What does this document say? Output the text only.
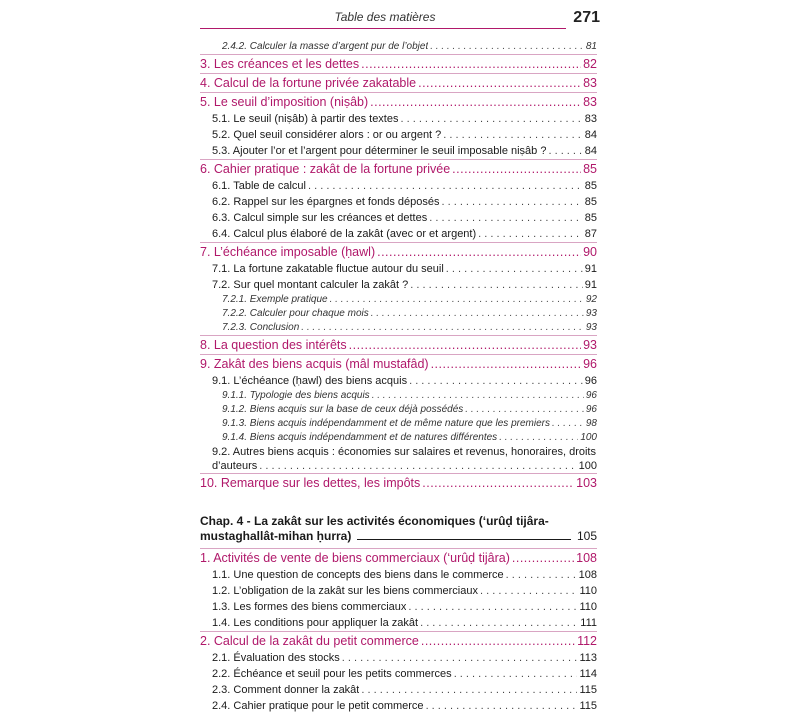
Table des matières	271
2.4.2. Calculer la masse d’argent pur de l’objet . . .	81
3. Les créances et les dettes .....	82
4. Calcul de la fortune privée zakatable .....	83
5. Le seuil d’imposition (niṣâb) .....	83
5.1. Le seuil (niṣâb) à partir des textes . . .	83
5.2. Quel seuil considérer alors : or ou argent ? . . .	84
5.3. Ajouter l’or et l’argent pour déterminer le seuil imposable niṣâb ? . . .	84
6. Cahier pratique : zakât de la fortune privée .....	85
6.1. Table de calcul . . .	85
6.2. Rappel sur les épargnes et fonds déposés . . .	85
6.3. Calcul simple sur les créances et dettes . . .	85
6.4. Calcul plus élaboré de la zakât (avec or et argent) . . .	87
7. L’échéance imposable (ḥawl) .....	90
7.1. La fortune zakatable fluctue autour du seuil . . .	91
7.2. Sur quel montant calculer la zakât ? . . .	91
7.2.1. Exemple pratique . . .	92
7.2.2. Calculer pour chaque mois . . .	93
7.2.3. Conclusion . . .	93
8. La question des intérêts .....	93
9. Zakât des biens acquis (mâl mustafâd) .....	96
9.1. L’échéance (ḥawl) des biens acquis . . .	96
9.1.1. Typologie des biens acquis . . .	96
9.1.2. Biens acquis sur la base de ceux déjà possédés . . .	96
9.1.3. Biens acquis indépendamment et de même nature que les premiers . . .	98
9.1.4. Biens acquis indépendamment et de natures différentes . . .	100
9.2. Autres biens acquis : économies sur salaires et revenus, honoraires, droits
d’auteurs . . .	100
10. Remarque sur les dettes, les impôts .....	103
Chap. 4 - La zakât sur les activités économiques (‘urûḍ tijâra-
mustaghallât-mihan ḥurra)	105
1. Activités de vente de biens commerciaux (‘urûḍ tijâra) .....	108
1.1. Une question de concepts des biens dans le commerce . . .	108
1.2. L’obligation de la zakât sur les biens commerciaux . . .	110
1.3. Les formes des biens commerciaux . . .	110
1.4. Les conditions pour appliquer la zakât . . .	111
2. Calcul de la zakât du petit commerce .....	112
2.1. Évaluation des stocks . . .	113
2.2. Échéance et seuil pour les petits commerces . . .	114
2.3. Comment donner la zakât . . .	115
2.4. Cahier pratique pour le petit commerce . . .	115
